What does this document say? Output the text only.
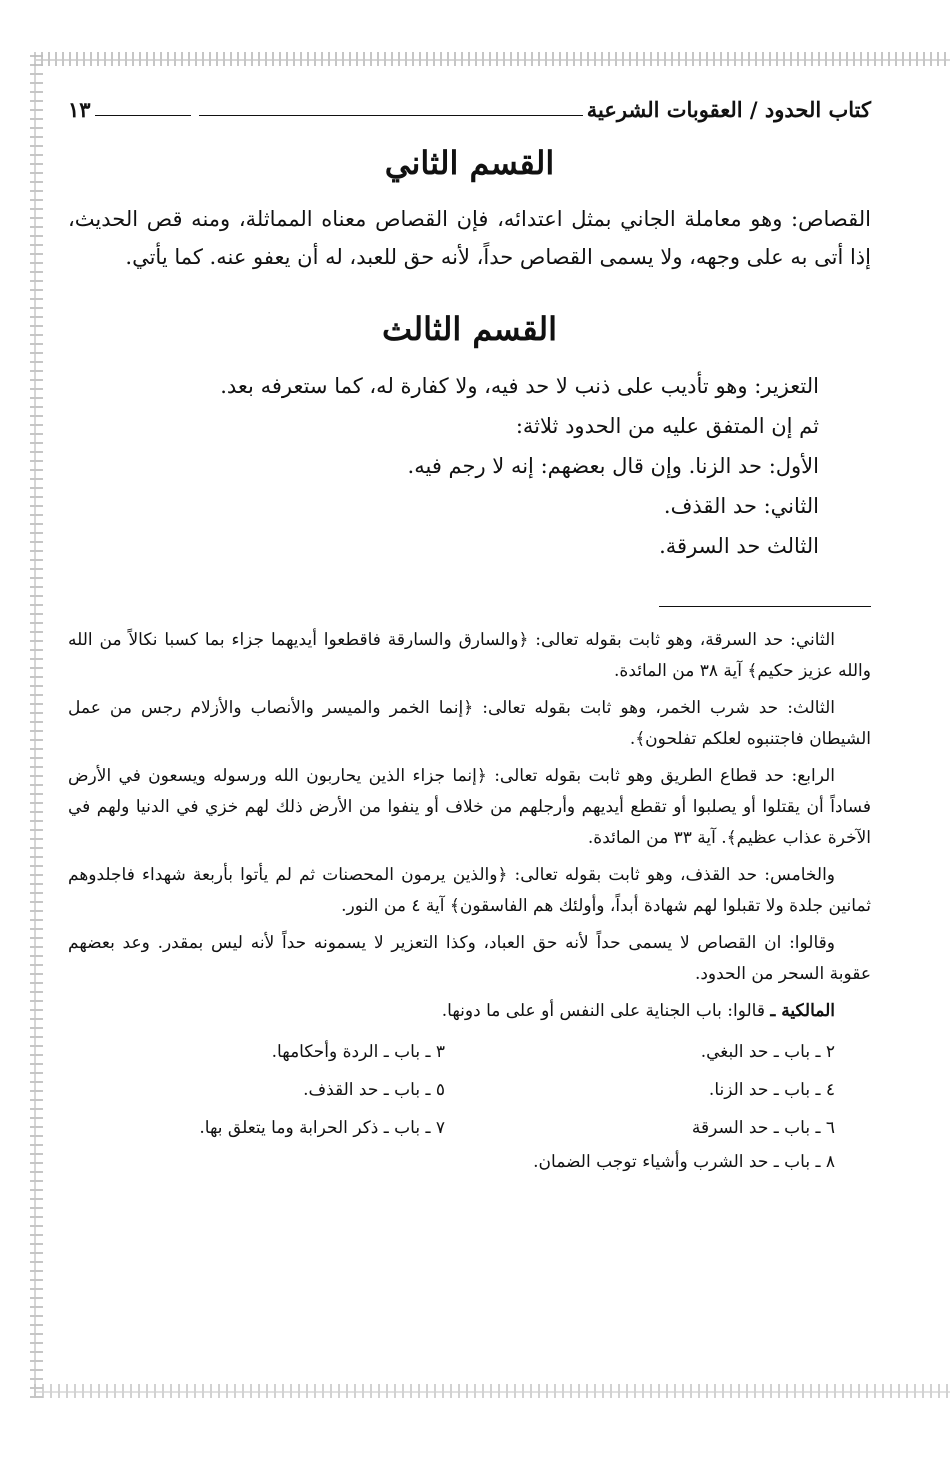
كتاب الحدود / العقوبات الشرعية
١٣
القسم الثاني

القصاص: وهو معاملة الجاني بمثل اعتدائه، فإن القصاص معناه المماثلة، ومنه قص الحديث، إذا أتى به على وجهه، ولا يسمى القصاص حداً، لأنه حق للعبد، له أن يعفو عنه. كما يأتي.

القسم الثالث
التعزير: وهو تأديب على ذنب لا حد فيه، ولا كفارة له، كما ستعرفه بعد.
ثم إن المتفق عليه من الحدود ثلاثة:
الأول: حد الزنا. وإن قال بعضهم: إنه لا رجم فيه.
الثاني: حد القذف.
الثالث حد السرقة.

الثاني: حد السرقة، وهو ثابت بقوله تعالى: ﴿والسارق والسارقة فاقطعوا أيديهما جزاء بما كسبا نكالاً من الله والله عزيز حكيم﴾ آية ٣٨ من المائدة.

الثالث: حد شرب الخمر، وهو ثابت بقوله تعالى: ﴿إنما الخمر والميسر والأنصاب والأزلام رجس من عمل الشيطان فاجتنبوه لعلكم تفلحون﴾.

الرابع: حد قطاع الطريق وهو ثابت بقوله تعالى: ﴿إنما جزاء الذين يحاربون الله ورسوله ويسعون في الأرض فساداً أن يقتلوا أو يصلبوا أو تقطع أيديهم وأرجلهم من خلاف أو ينفوا من الأرض ذلك لهم خزي في الدنيا ولهم في الآخرة عذاب عظيم﴾. آية ٣٣ من المائدة.

والخامس: حد القذف، وهو ثابت بقوله تعالى: ﴿والذين يرمون المحصنات ثم لم يأتوا بأربعة شهداء فاجلدوهم ثمانين جلدة ولا تقبلوا لهم شهادة أبداً، وأولئك هم الفاسقون﴾ آية ٤ من النور.

وقالوا: ان القصاص لا يسمى حداً لأنه حق العباد، وكذا التعزير لا يسمونه حداً لأنه ليس بمقدر. وعد بعضهم عقوبة السحر من الحدود.

المالكية ـ قالوا: باب الجناية على النفس أو على ما دونها.

٢ ـ باب ـ حد البغي.
٣ ـ باب ـ الردة وأحكامها.
٤ ـ باب ـ حد الزنا.
٥ ـ باب ـ حد القذف.
٦ ـ باب ـ حد السرقة
٧ ـ باب ـ ذكر الحرابة وما يتعلق بها.

٨ ـ باب ـ حد الشرب وأشياء توجب الضمان.
